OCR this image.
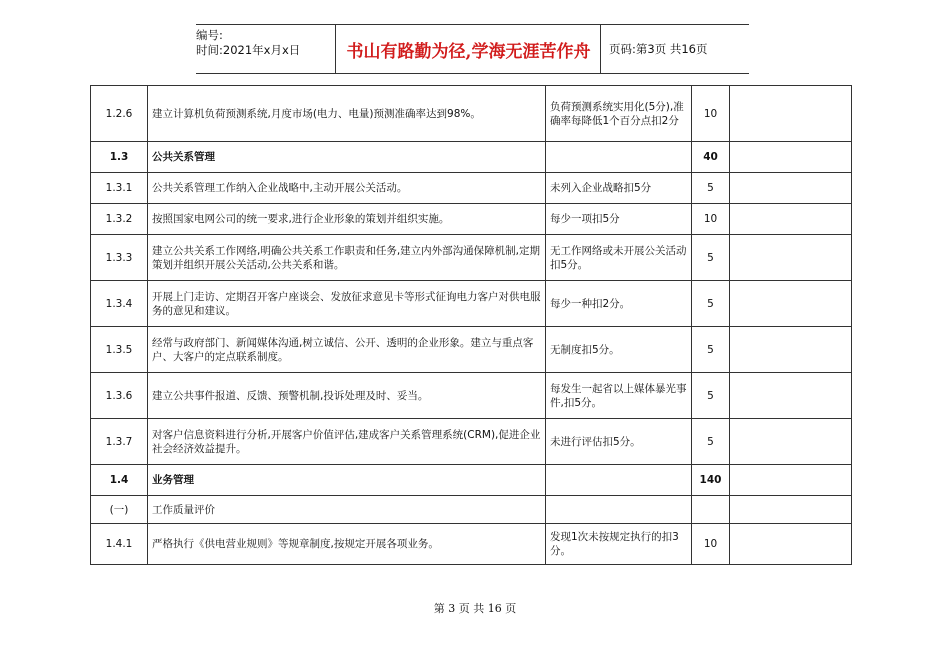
编号:
时间:2021年x月x日	书山有路勤为径,学海无涯苦作舟	页码:第3页 共16页
1.2.6	建立计算机负荷预测系统,月度市场(电力、电量)预测准确率达到98%。	负荷预测系统实用化(5分),准确率每降低1个百分点扣2分	10	
1.3	公共关系管理		40	
1.3.1	公共关系管理工作纳入企业战略中,主动开展公关活动。	未列入企业战略扣5分	5	
1.3.2	按照国家电网公司的统一要求,进行企业形象的策划并组织实施。	每少一项扣5分	10	
1.3.3	建立公共关系工作网络,明确公共关系工作职责和任务,建立内外部沟通保障机制,定期策划并组织开展公关活动,公共关系和谐。	无工作网络或未开展公关活动扣5分。	5	
1.3.4	开展上门走访、定期召开客户座谈会、发放征求意见卡等形式征询电力客户对供电服务的意见和建议。	每少一种扣2分。	5	
1.3.5	经常与政府部门、新闻媒体沟通,树立诚信、公开、透明的企业形象。建立与重点客户、大客户的定点联系制度。	无制度扣5分。	5	
1.3.6	建立公共事件报道、反馈、预警机制,投诉处理及时、妥当。	每发生一起省以上媒体暴光事件,扣5分。	5	
1.3.7	对客户信息资料进行分析,开展客户价值评估,建成客户关系管理系统(CRM),促进企业社会经济效益提升。	未进行评估扣5分。	5	
1.4	业务管理		140	
(一)	工作质量评价			
1.4.1	严格执行《供电营业规则》等规章制度,按规定开展各项业务。	发现1次未按规定执行的扣3分。	10	
第 3 页 共 16 页
